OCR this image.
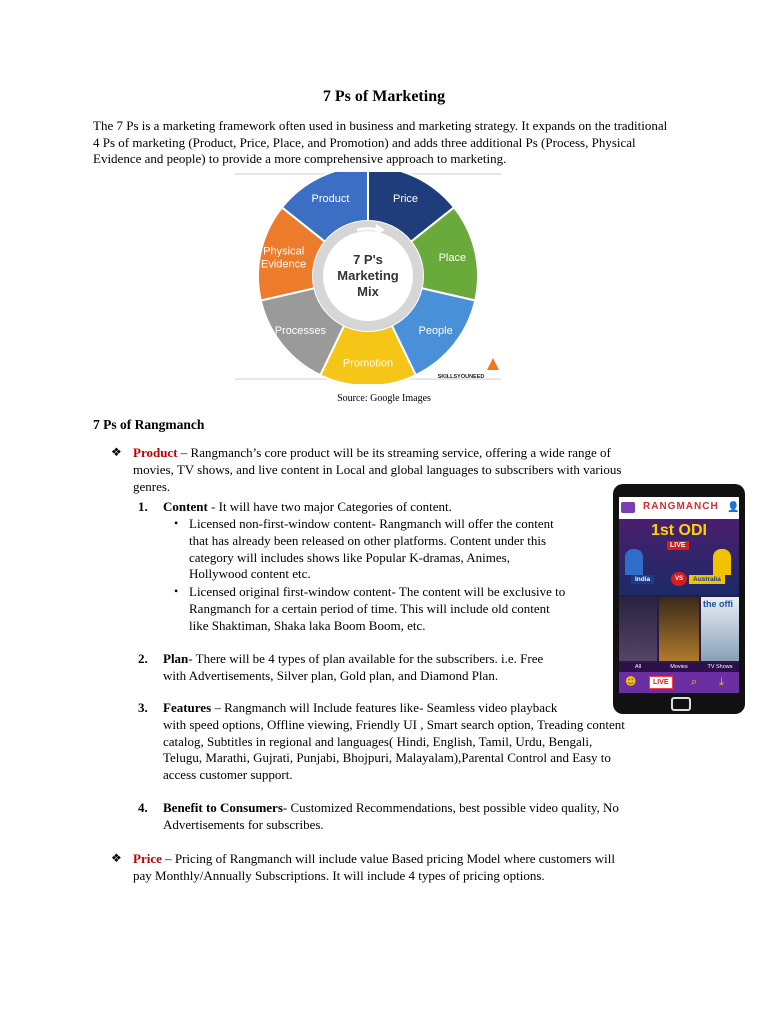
7 Ps of Marketing
The 7 Ps is a marketing framework often used in business and marketing strategy. It expands on the traditional 4 Ps of marketing (Product, Price, Place, and Promotion) and adds three additional Ps (Process, Physical Evidence and people) to provide a more comprehensive approach to marketing.
Price
Place
People
Promotion
Processes
Physical
Evidence
Product
7 P's
Marketing
Mix
SKILLSYOUNEED
Source: Google Images
7 Ps of Rangmanch
❖ Product – Rangmanch’s core product will be its streaming service, offering a wide range of
movies, TV shows, and live content in Local and global languages to subscribers with various
genres.
1. Content - It will have two major Categories of content.
• Licensed non-first-window content- Rangmanch will offer the content
that has already been released on other platforms. Content under this
category will includes shows like Popular K-dramas, Animes,
Hollywood content etc.
• Licensed original first-window content- The content will be exclusive to
Rangmanch for a certain period of time. This will include old content
like Shaktiman, Shaka laka Boom Boom, etc.
2. Plan- There will be 4 types of plan available for the subscribers. i.e. Free
with Advertisements, Silver plan, Gold plan, and Diamond Plan.
3. Features – Rangmanch will Include features like- Seamless video playback
with speed options, Offline viewing, Friendly UI , Smart search option, Treading content
catalog, Subtitles in regional and languages( Hindi, English, Tamil, Urdu, Bengali,
Telugu, Marathi, Gujrati, Punjabi, Bhojpuri, Malayalam),Parental Control and Easy to
access customer support.
4. Benefit to Consumers- Customized Recommendations, best possible video quality, No
Advertisements for subscribes.
❖ Price – Pricing of Rangmanch will include value Based pricing Model where customers will
pay Monthly/Annually Subscriptions. It will include 4 types of pricing options.
RANGMANCH 👤
1st ODI
LIVE
India	VS	Australia
the offi
All	Movies	TV Shows
☻	LIVE	⌕ ⤓
